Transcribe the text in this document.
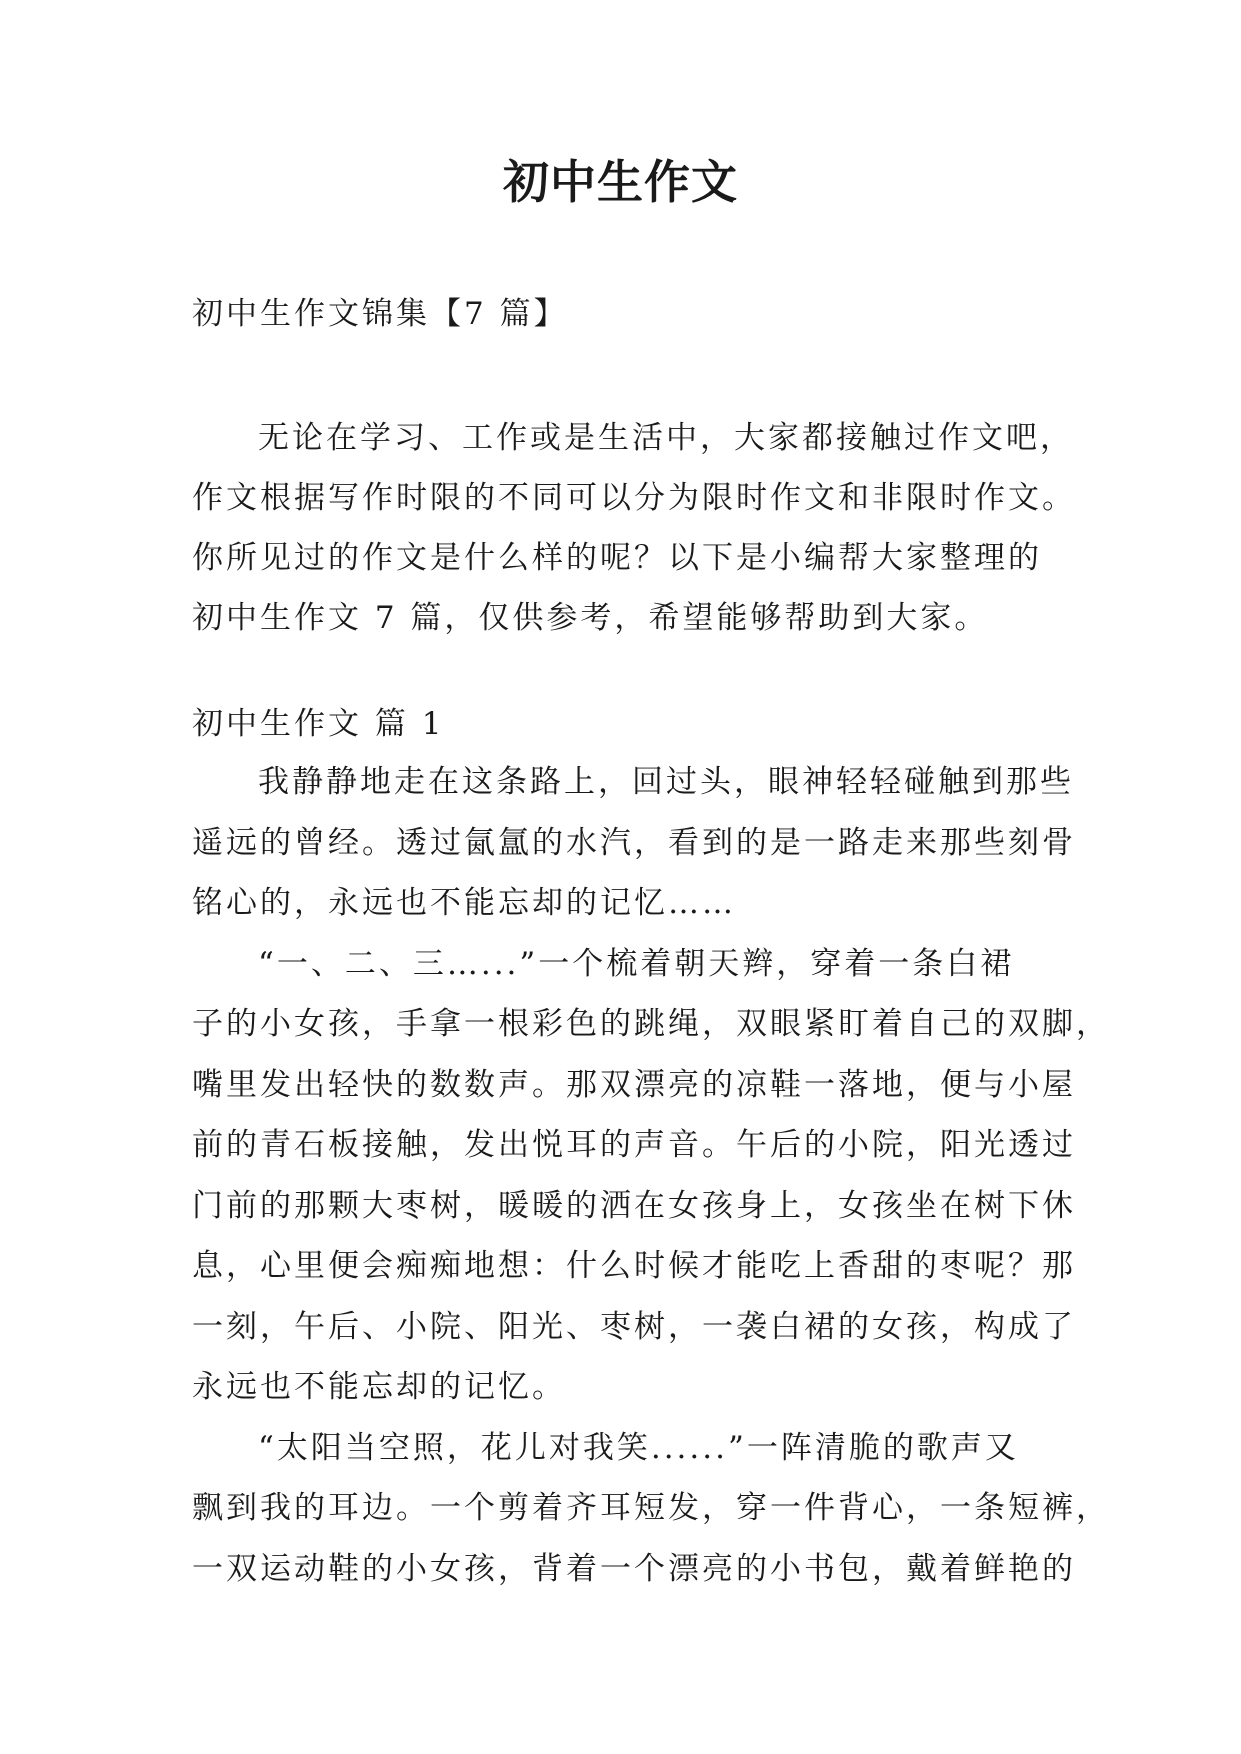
初中生作文
初中生作文锦集【7 篇】
无论在学习、工作或是生活中，大家都接触过作文吧，
作文根据写作时限的不同可以分为限时作文和非限时作文。
你所见过的作文是什么样的呢？以下是小编帮大家整理的
初中生作文 7 篇，仅供参考，希望能够帮助到大家。
初中生作文 篇 1
我静静地走在这条路上，回过头，眼神轻轻碰触到那些
遥远的曾经。透过氤氲的水汽，看到的是一路走来那些刻骨
铭心的，永远也不能忘却的记忆……
“一、二、三…...”一个梳着朝天辫，穿着一条白裙
子的小女孩，手拿一根彩色的跳绳，双眼紧盯着自己的双脚，
嘴里发出轻快的数数声。那双漂亮的凉鞋一落地，便与小屋
前的青石板接触，发出悦耳的声音。午后的小院，阳光透过
门前的那颗大枣树，暖暖的洒在女孩身上，女孩坐在树下休
息，心里便会痴痴地想：什么时候才能吃上香甜的枣呢？那
一刻，午后、小院、阳光、枣树，一袭白裙的女孩，构成了
永远也不能忘却的记忆。
“太阳当空照，花儿对我笑......”一阵清脆的歌声又
飘到我的耳边。一个剪着齐耳短发，穿一件背心，一条短裤，
一双运动鞋的小女孩，背着一个漂亮的小书包，戴着鲜艳的
